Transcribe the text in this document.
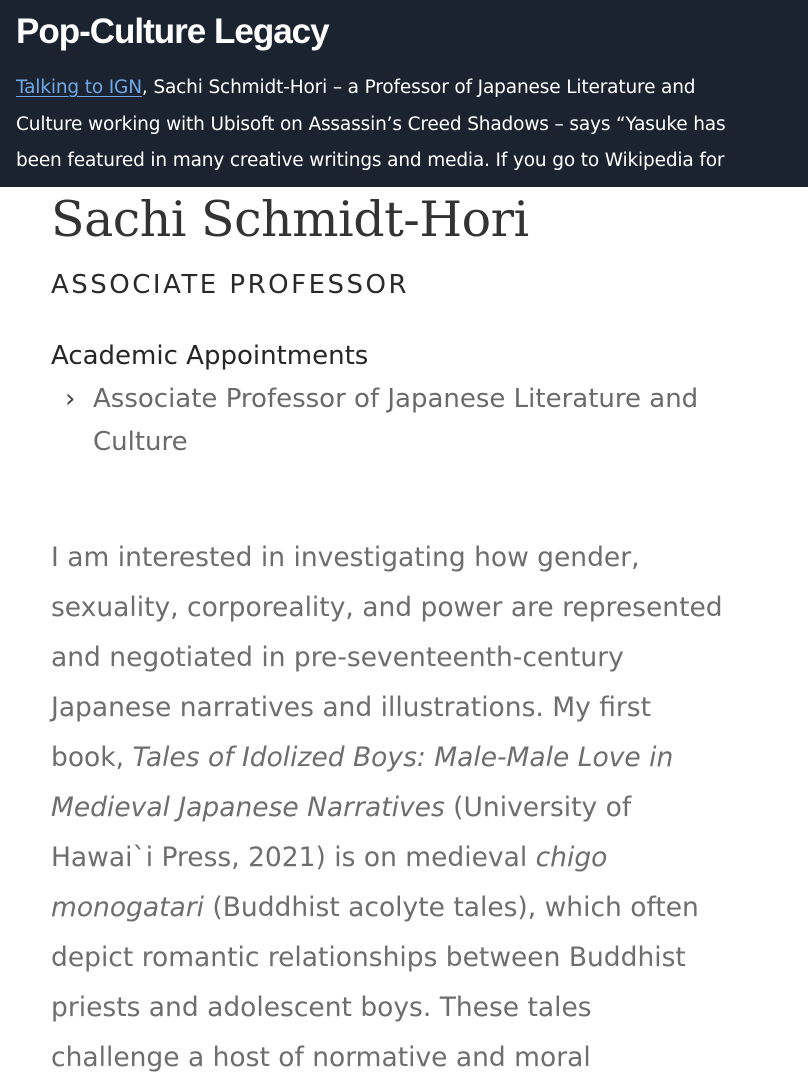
Pop-Culture Legacy
Talking to IGN, Sachi Schmidt-Hori – a Professor of Japanese Literature and
Culture working with Ubisoft on Assassin’s Creed Shadows – says “Yasuke has
been featured in many creative writings and media. If you go to Wikipedia for
Sachi Schmidt-Hori
ASSOCIATE PROFESSOR
Academic Appointments
› Associate Professor of Japanese Literature and
Culture
I am interested in investigating how gender,
sexuality, corporeality, and power are represented
and negotiated in pre-seventeenth-century
Japanese narratives and illustrations. My first
book, Tales of Idolized Boys: Male-Male Love in
Medieval Japanese Narratives (University of
Hawai`i Press, 2021) is on medieval chigo
monogatari (Buddhist acolyte tales), which often
depict romantic relationships between Buddhist
priests and adolescent boys. These tales
challenge a host of normative and moral
